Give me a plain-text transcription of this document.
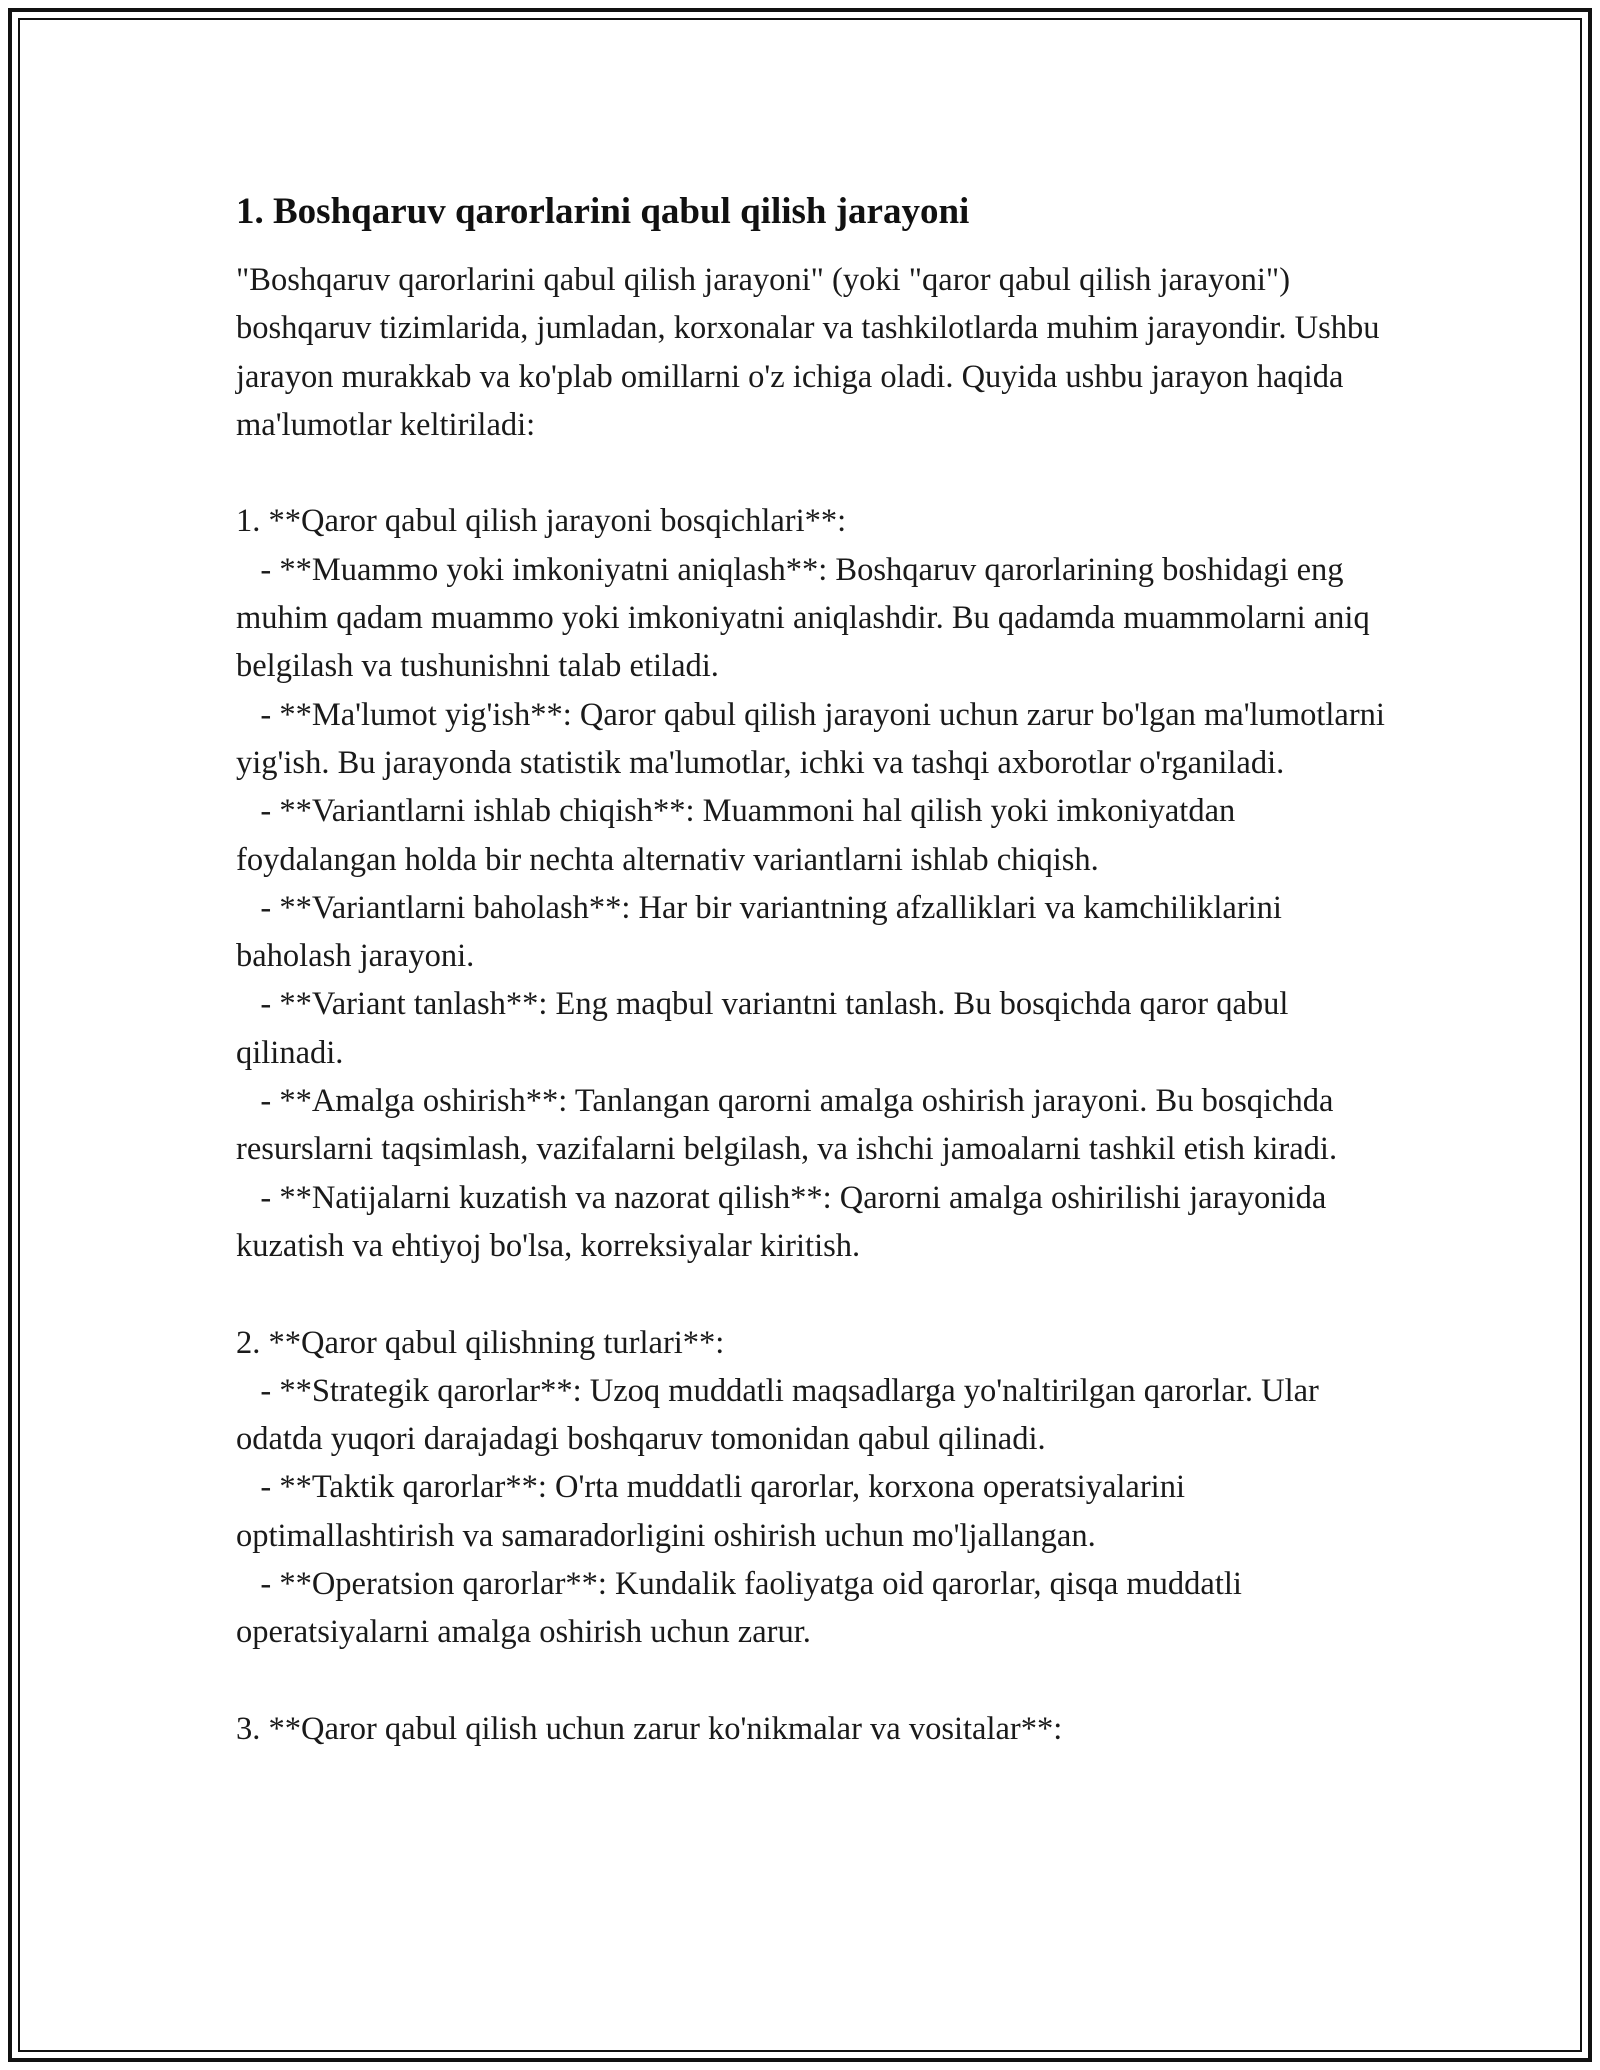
1. Boshqaruv qarorlarini qabul qilish jarayoni

"Boshqaruv qarorlarini qabul qilish jarayoni" (yoki "qaror qabul qilish jarayoni") boshqaruv tizimlarida, jumladan, korxonalar va tashkilotlarda muhim jarayondir. Ushbu jarayon murakkab va ko'plab omillarni o'z ichiga oladi. Quyida ushbu jarayon haqida ma'lumotlar keltiriladi:

1. **Qaror qabul qilish jarayoni bosqichlari**:

- **Muammo yoki imkoniyatni aniqlash**: Boshqaruv qarorlarining boshidagi eng muhim qadam muammo yoki imkoniyatni aniqlashdir. Bu qadamda muammolarni aniq belgilash va tushunishni talab etiladi.

- **Ma'lumot yig'ish**: Qaror qabul qilish jarayoni uchun zarur bo'lgan ma'lumotlarni yig'ish. Bu jarayonda statistik ma'lumotlar, ichki va tashqi axborotlar o'rganiladi.

- **Variantlarni ishlab chiqish**: Muammoni hal qilish yoki imkoniyatdan foydalangan holda bir nechta alternativ variantlarni ishlab chiqish.

- **Variantlarni baholash**: Har bir variantning afzalliklari va kamchiliklarini baholash jarayoni.

- **Variant tanlash**: Eng maqbul variantni tanlash. Bu bosqichda qaror qabul qilinadi.

- **Amalga oshirish**: Tanlangan qarorni amalga oshirish jarayoni. Bu bosqichda resurslarni taqsimlash, vazifalarni belgilash, va ishchi jamoalarni tashkil etish kiradi.

- **Natijalarni kuzatish va nazorat qilish**: Qarorni amalga oshirilishi jarayonida kuzatish va ehtiyoj bo'lsa, korreksiyalar kiritish.

2. **Qaror qabul qilishning turlari**:

- **Strategik qarorlar**: Uzoq muddatli maqsadlarga yo'naltirilgan qarorlar. Ular odatda yuqori darajadagi boshqaruv tomonidan qabul qilinadi.

- **Taktik qarorlar**: O'rta muddatli qarorlar, korxona operatsiyalarini optimallashtirish va samaradorligini oshirish uchun mo'ljallangan.

- **Operatsion qarorlar**: Kundalik faoliyatga oid qarorlar, qisqa muddatli operatsiyalarni amalga oshirish uchun zarur.

3. **Qaror qabul qilish uchun zarur ko'nikmalar va vositalar**:
